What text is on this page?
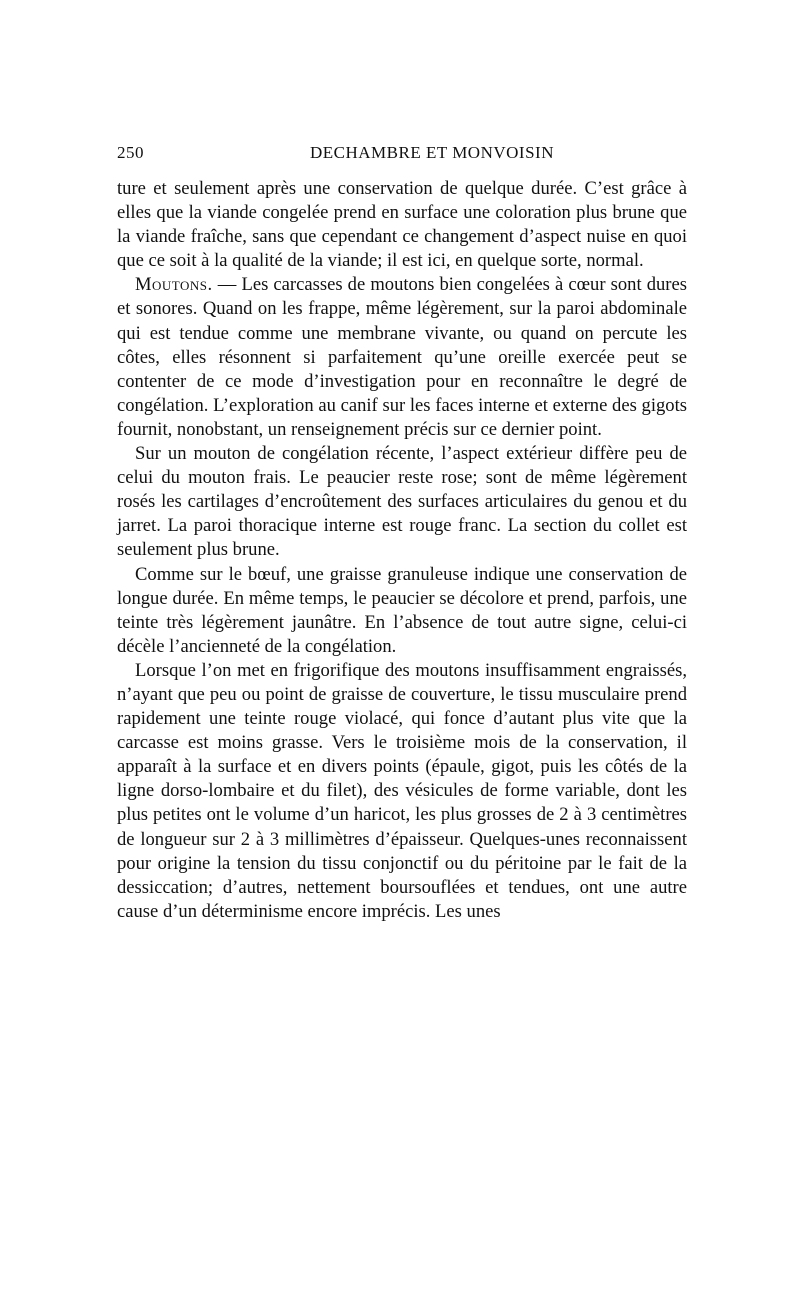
250	DECHAMBRE ET MONVOISIN

ture et seulement après une conservation de quelque durée. C’est grâce à elles que la viande congelée prend en surface une coloration plus brune que la viande fraîche, sans que cependant ce changement d’aspect nuise en quoi que ce soit à la qualité de la viande; il est ici, en quelque sorte, normal.

Moutons. — Les carcasses de moutons bien congelées à cœur sont dures et sonores. Quand on les frappe, même légèrement, sur la paroi abdominale qui est tendue comme une membrane vivante, ou quand on percute les côtes, elles résonnent si parfaitement qu’une oreille exercée peut se contenter de ce mode d’investigation pour en reconnaître le degré de congélation. L’exploration au canif sur les faces interne et externe des gigots fournit, nonobstant, un renseignement précis sur ce dernier point.

Sur un mouton de congélation récente, l’aspect extérieur diffère peu de celui du mouton frais. Le peaucier reste rose; sont de même légèrement rosés les cartilages d’encroûtement des surfaces articulaires du genou et du jarret. La paroi thoracique interne est rouge franc. La section du collet est seulement plus brune.

Comme sur le bœuf, une graisse granuleuse indique une conservation de longue durée. En même temps, le peaucier se décolore et prend, parfois, une teinte très légèrement jaunâtre. En l’absence de tout autre signe, celui-ci décèle l’ancienneté de la congélation.

Lorsque l’on met en frigorifique des moutons insuffisamment engraissés, n’ayant que peu ou point de graisse de couverture, le tissu musculaire prend rapidement une teinte rouge violacé, qui fonce d’autant plus vite que la carcasse est moins grasse. Vers le troisième mois de la conservation, il apparaît à la surface et en divers points (épaule, gigot, puis les côtés de la ligne dorso-lombaire et du filet), des vésicules de forme variable, dont les plus petites ont le volume d’un haricot, les plus grosses de 2 à 3 centimètres de longueur sur 2 à 3 millimètres d’épaisseur. Quelques-unes reconnaissent pour origine la tension du tissu conjonctif ou du péritoine par le fait de la dessiccation; d’autres, nettement boursouflées et tendues, ont une autre cause d’un déterminisme encore imprécis. Les unes
